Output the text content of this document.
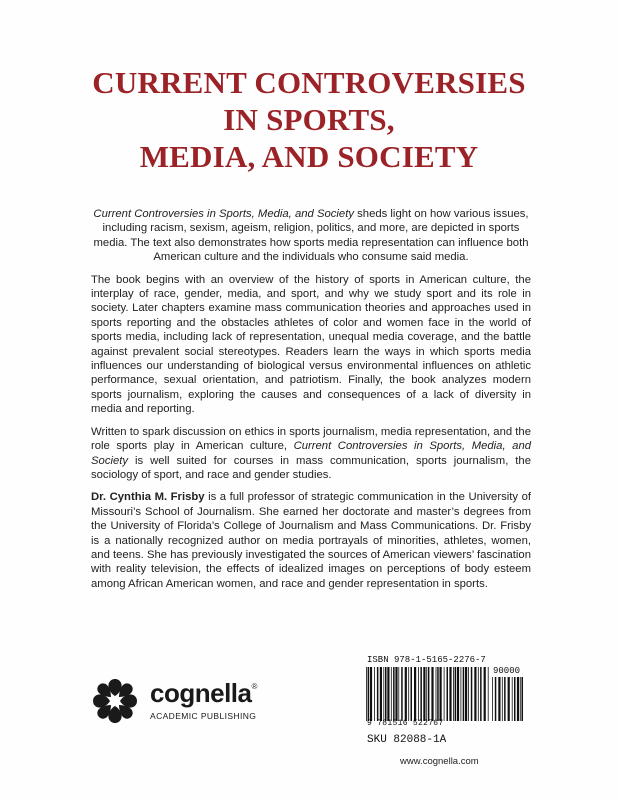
CURRENT CONTROVERSIES
IN SPORTS,
MEDIA, AND SOCIETY

Current Controversies in Sports, Media, and Society sheds light on how various issues, including racism, sexism, ageism, religion, politics, and more, are depicted in sports media. The text also demonstrates how sports media representation can influence both American culture and the individuals who consume said media.

The book begins with an overview of the history of sports in American culture, the interplay of race, gender, media, and sport, and why we study sport and its role in society. Later chapters examine mass communication theories and approaches used in sports reporting and the obstacles athletes of color and women face in the world of sports media, including lack of representation, unequal media coverage, and the battle against prevalent social stereotypes. Readers learn the ways in which sports media influences our understanding of biological versus environmental influences on athletic performance, sexual orientation, and patriotism. Finally, the book analyzes modern sports journalism, exploring the causes and consequences of a lack of diversity in media and reporting.

Written to spark discussion on ethics in sports journalism, media representation, and the role sports play in American culture, Current Controversies in Sports, Media, and Society is well suited for courses in mass communication, sports journalism, the sociology of sport, and race and gender studies.

Dr. Cynthia M. Frisby is a full professor of strategic communication in the University of Missouri’s School of Journalism. She earned her doctorate and master’s degrees from the University of Florida’s College of Journalism and Mass Communications. Dr. Frisby is a nationally recognized author on media portrayals of minorities, athletes, women, and teens. She has previously investigated the sources of American viewers’ fascination with reality television, the effects of idealized images on perceptions of body esteem among African American women, and race and gender representation in sports.

cognella®
ACADEMIC PUBLISHING
ISBN 978-1-5165-2276-7
90000
9 781516 522767
SKU 82088-1A
www.cognella.com
